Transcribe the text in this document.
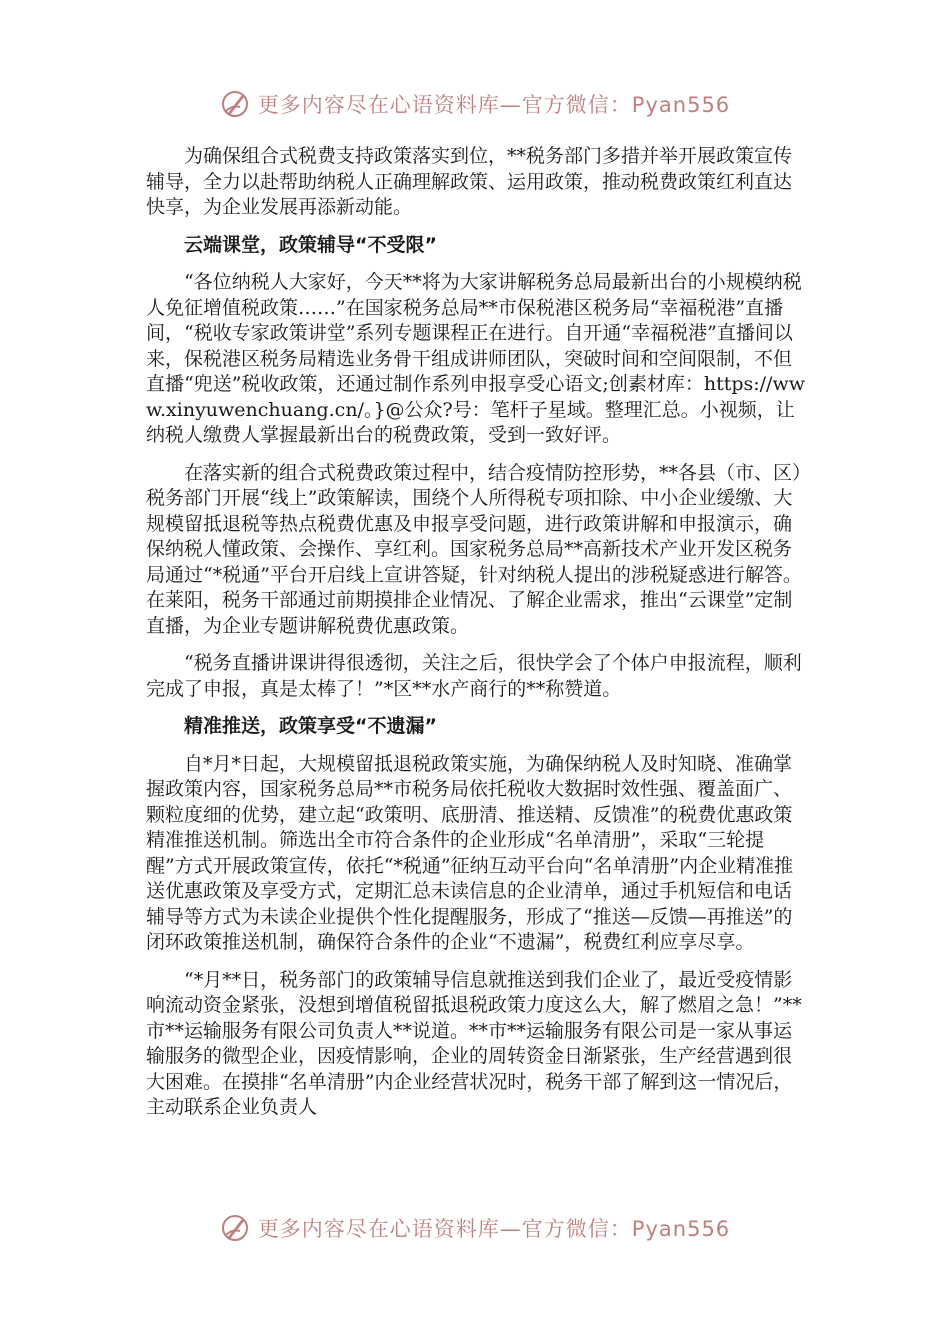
更多内容尽在心语资料库—官方微信：Pyan556

为确保组合式税费支持政策落实到位，**税务部门多措并举开展政策宣传辅导，全力以赴帮助纳税人正确理解政策、运用政策，推动税费政策红利直达快享，为企业发展再添新动能。

云端课堂，政策辅导“不受限”

“各位纳税人大家好，今天**将为大家讲解税务总局最新出台的小规模纳税人免征增值税政策……”在国家税务总局**市保税港区税务局“幸福税港”直播间，“税收专家政策讲堂”系列专题课程正在进行。自开通“幸福税港”直播间以来，保税港区税务局精选业务骨干组成讲师团队，突破时间和空间限制，不但直播“兜送”税收政策，还通过制作系列申报享受心语文;创素材库：https://www.xinyuwenchuang.cn/。}@公众?号：笔杆子星域。整理汇总。小视频，让纳税人缴费人掌握最新出台的税费政策，受到一致好评。

在落实新的组合式税费政策过程中，结合疫情防控形势，**各县（市、区）税务部门开展“线上”政策解读，围绕个人所得税专项扣除、中小企业缓缴、大规模留抵退税等热点税费优惠及申报享受问题，进行政策讲解和申报演示，确保纳税人懂政策、会操作、享红利。国家税务总局**高新技术产业开发区税务局通过“*税通”平台开启线上宣讲答疑，针对纳税人提出的涉税疑惑进行解答。在莱阳，税务干部通过前期摸排企业情况、了解企业需求，推出“云课堂”定制直播，为企业专题讲解税费优惠政策。

“税务直播讲课讲得很透彻，关注之后，很快学会了个体户申报流程，顺利完成了申报，真是太棒了！”*区**水产商行的**称赞道。

精准推送，政策享受“不遗漏”

自*月*日起，大规模留抵退税政策实施，为确保纳税人及时知晓、准确掌握政策内容，国家税务总局**市税务局依托税收大数据时效性强、覆盖面广、颗粒度细的优势，建立起“政策明、底册清、推送精、反馈准”的税费优惠政策精准推送机制。筛选出全市符合条件的企业形成“名单清册”，采取“三轮提醒”方式开展政策宣传，依托“*税通”征纳互动平台向“名单清册”内企业精准推送优惠政策及享受方式，定期汇总未读信息的企业清单，通过手机短信和电话辅导等方式为未读企业提供个性化提醒服务，形成了“推送—反馈—再推送”的闭环政策推送机制，确保符合条件的企业“不遗漏”，税费红利应享尽享。

“*月**日，税务部门的政策辅导信息就推送到我们企业了，最近受疫情影响流动资金紧张，没想到增值税留抵退税政策力度这么大，解了燃眉之急！”**市**运输服务有限公司负责人**说道。**市**运输服务有限公司是一家从事运输服务的微型企业，因疫情影响，企业的周转资金日渐紧张，生产经营遇到很大困难。在摸排“名单清册”内企业经营状况时，税务干部了解到这一情况后，主动联系企业负责人

更多内容尽在心语资料库—官方微信：Pyan556
